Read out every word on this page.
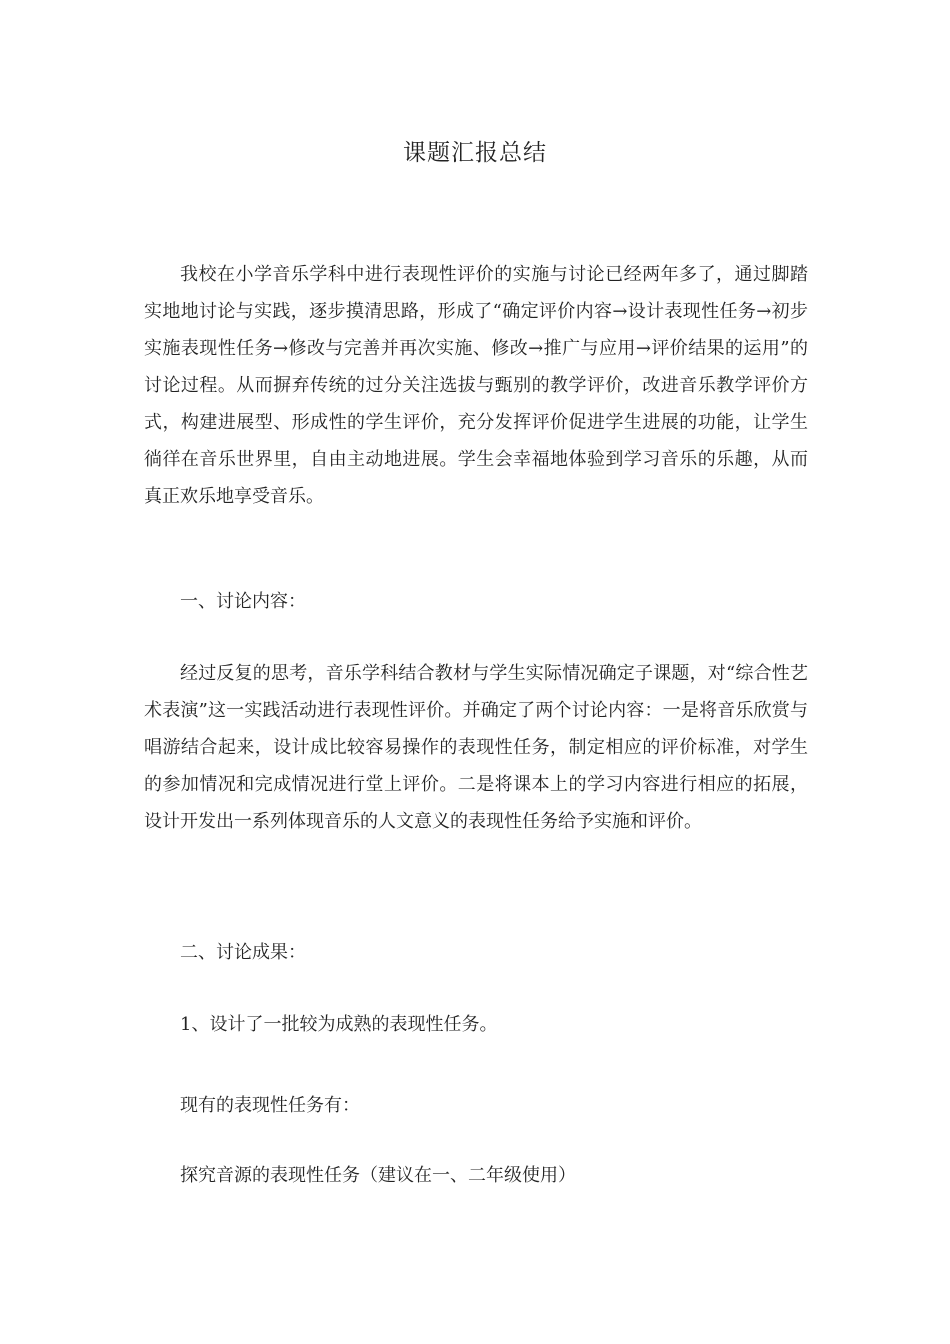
课题汇报总结

我校在小学音乐学科中进行表现性评价的实施与讨论已经两年多了，通过脚踏实地地讨论与实践，逐步摸清思路，形成了“确定评价内容→设计表现性任务→初步实施表现性任务→修改与完善并再次实施、修改→推广与应用→评价结果的运用”的讨论过程。从而摒弃传统的过分关注选拔与甄别的教学评价，改进音乐教学评价方式，构建进展型、形成性的学生评价，充分发挥评价促进学生进展的功能，让学生徜徉在音乐世界里，自由主动地进展。学生会幸福地体验到学习音乐的乐趣，从而真正欢乐地享受音乐。

一、讨论内容：

经过反复的思考，音乐学科结合教材与学生实际情况确定子课题，对“综合性艺术表演”这一实践活动进行表现性评价。并确定了两个讨论内容：一是将音乐欣赏与唱游结合起来，设计成比较容易操作的表现性任务，制定相应的评价标准，对学生的参加情况和完成情况进行堂上评价。二是将课本上的学习内容进行相应的拓展，设计开发出一系列体现音乐的人文意义的表现性任务给予实施和评价。

二、讨论成果：

1、设计了一批较为成熟的表现性任务。

现有的表现性任务有：

探究音源的表现性任务（建议在一、二年级使用）
